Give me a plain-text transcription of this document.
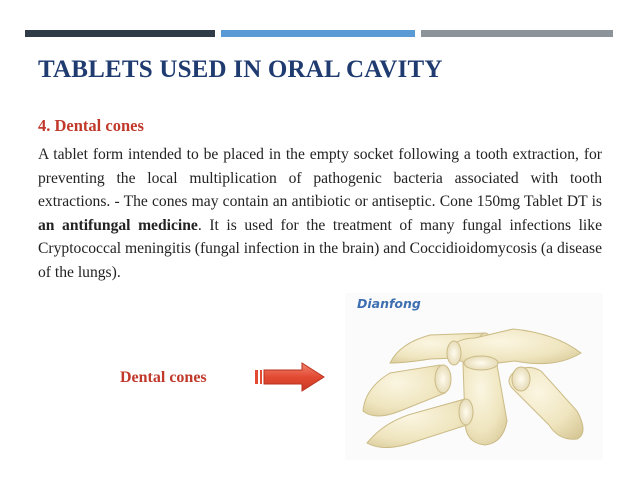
TABLETS USED IN ORAL CAVITY
4. Dental cones
A tablet form intended to be placed in the empty socket following a tooth extraction, for preventing the local multiplication of pathogenic bacteria associated with tooth extractions. - The cones may contain an antibiotic or antiseptic. Cone 150mg Tablet DT is an antifungal medicine. It is used for the treatment of many fungal infections like Cryptococcal meningitis (fungal infection in the brain) and Coccidioidomycosis (a disease of the lungs).
Dental cones
Dianfong
